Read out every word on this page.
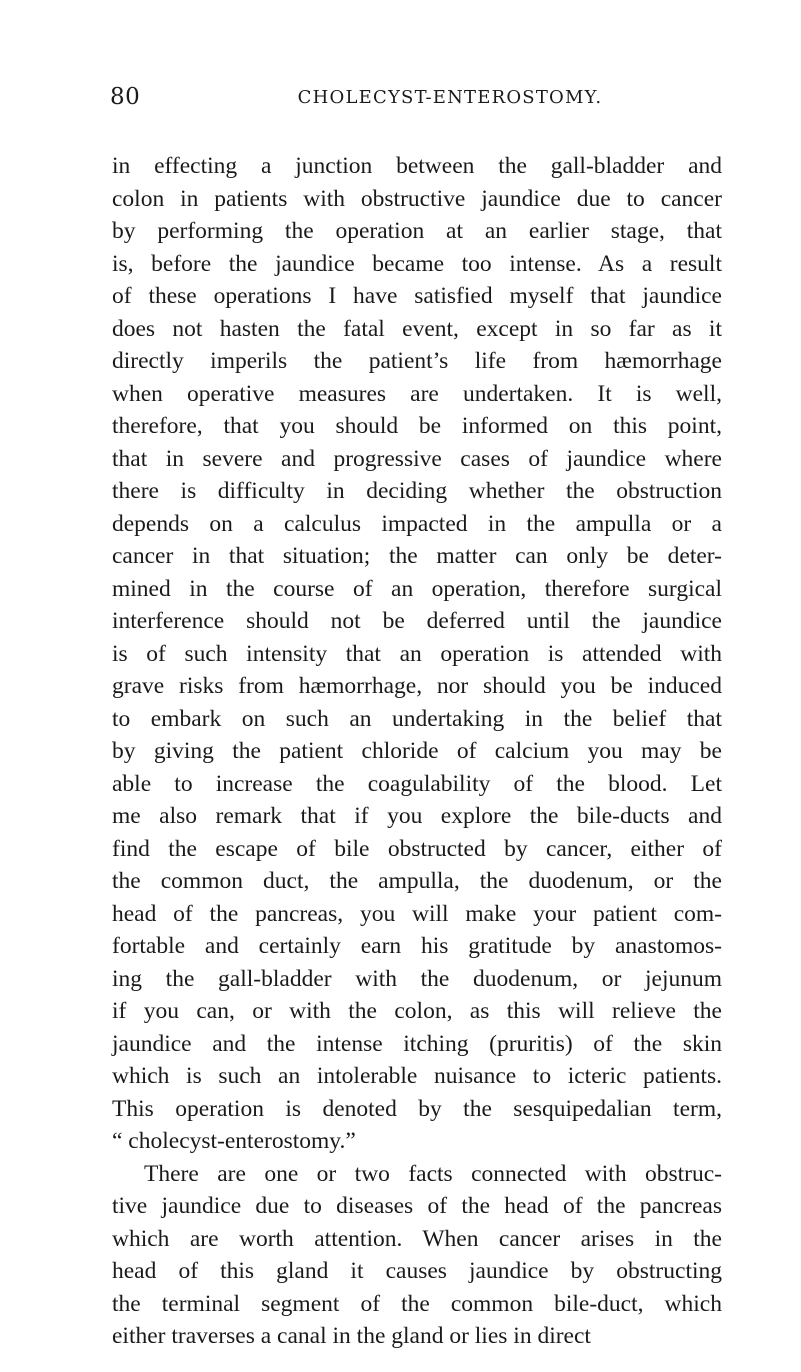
80	CHOLECYST-ENTEROSTOMY.
in effecting a junction between the gall-bladder and
colon in patients with obstructive jaundice due to cancer
by performing the operation at an earlier stage, that
is, before the jaundice became too intense. As a result
of these operations I have satisfied myself that jaundice
does not hasten the fatal event, except in so far as it
directly imperils the patient’s life from hæmorrhage
when operative measures are undertaken. It is well,
therefore, that you should be informed on this point,
that in severe and progressive cases of jaundice where
there is difficulty in deciding whether the obstruction
depends on a calculus impacted in the ampulla or a
cancer in that situation; the matter can only be deter-
mined in the course of an operation, therefore surgical
interference should not be deferred until the jaundice
is of such intensity that an operation is attended with
grave risks from hæmorrhage, nor should you be induced
to embark on such an undertaking in the belief that
by giving the patient chloride of calcium you may be
able to increase the coagulability of the blood. Let
me also remark that if you explore the bile-ducts and
find the escape of bile obstructed by cancer, either of
the common duct, the ampulla, the duodenum, or the
head of the pancreas, you will make your patient com-
fortable and certainly earn his gratitude by anastomos-
ing the gall-bladder with the duodenum, or jejunum
if you can, or with the colon, as this will relieve the
jaundice and the intense itching (pruritis) of the skin
which is such an intolerable nuisance to icteric patients.
This operation is denoted by the sesquipedalian term,
“ cholecyst-enterostomy.”
There are one or two facts connected with obstruc-
tive jaundice due to diseases of the head of the pancreas
which are worth attention. When cancer arises in the
head of this gland it causes jaundice by obstructing
the terminal segment of the common bile-duct, which
either traverses a canal in the gland or lies in direct
